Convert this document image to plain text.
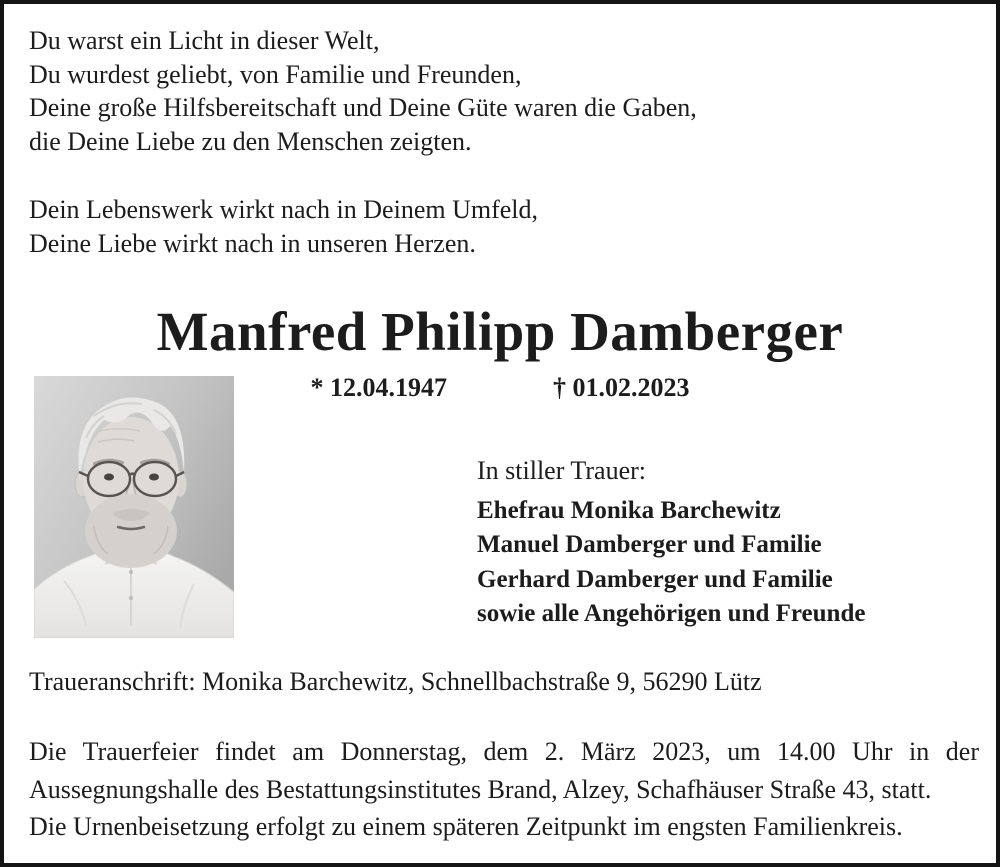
Du warst ein Licht in dieser Welt,
Du wurdest geliebt, von Familie und Freunden,
Deine große Hilfsbereitschaft und Deine Güte waren die Gaben,
die Deine Liebe zu den Menschen zeigten.
Dein Lebenswerk wirkt nach in Deinem Umfeld,
Deine Liebe wirkt nach in unseren Herzen.
Manfred Philipp Damberger
* 12.04.1947	† 01.02.2023
In stiller Trauer:
Ehefrau Monika Barchewitz
Manuel Damberger und Familie
Gerhard Damberger und Familie
sowie alle Angehörigen und Freunde
Traueranschrift: Monika Barchewitz, Schnellbachstraße 9, 56290 Lütz

Die Trauerfeier findet am Donnerstag, dem 2. März 2023, um 14.00 Uhr in der Aussegnungshalle des Bestattungsinstitutes Brand, Alzey, Schafhäuser Straße 43, statt.

Die Urnenbeisetzung erfolgt zu einem späteren Zeitpunkt im engsten Familienkreis.
